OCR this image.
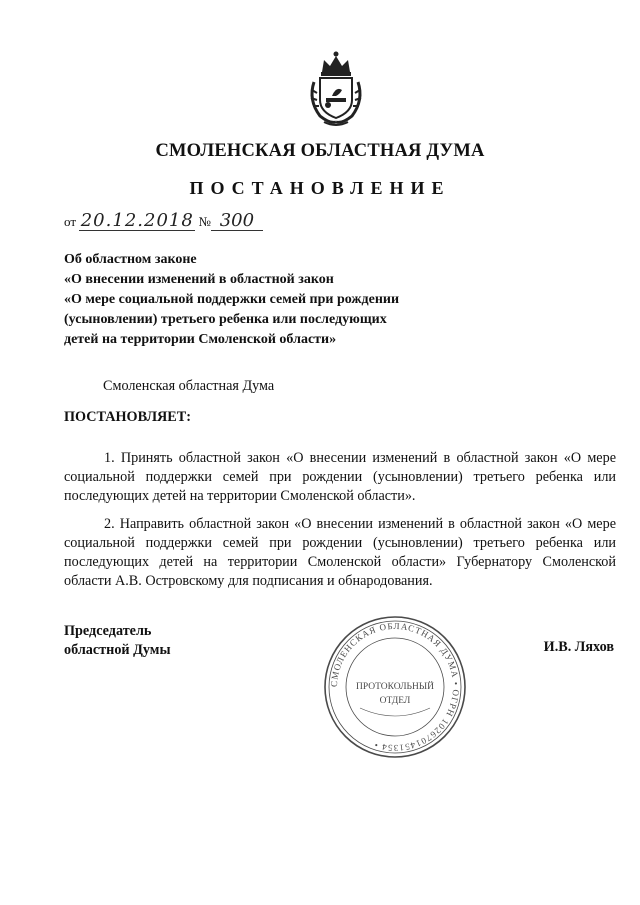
СМОЛЕНСКАЯ ОБЛАСТНАЯ ДУМА
ПОСТАНОВЛЕНИЕ
от 20.12.2018 № 300
Об областном законе
«О внесении изменений в областной закон
«О мере социальной поддержки семей при рождении
(усыновлении) третьего ребенка или последующих
детей на территории Смоленской области»
Смоленская областная Дума
ПОСТАНОВЛЯЕТ:
1. Принять областной закон «О внесении изменений в областной закон «О мере социальной поддержки семей при рождении (усыновлении) третьего ребенка или последующих детей на территории Смоленской области».
2. Направить областной закон «О внесении изменений в областной закон «О мере социальной поддержки семей при рождении (усыновлении) третьего ребенка или последующих детей на территории Смоленской области» Губернатору Смоленской области А.В. Островскому для подписания и обнародования.
Председатель
областной Думы	И.В. Ляхов
СМОЛЕНСКАЯ ОБЛАСТНАЯ ДУМА • ОГРН 1026701451354 •
ПРОТОКОЛЬНЫЙ
ОТДЕЛ
